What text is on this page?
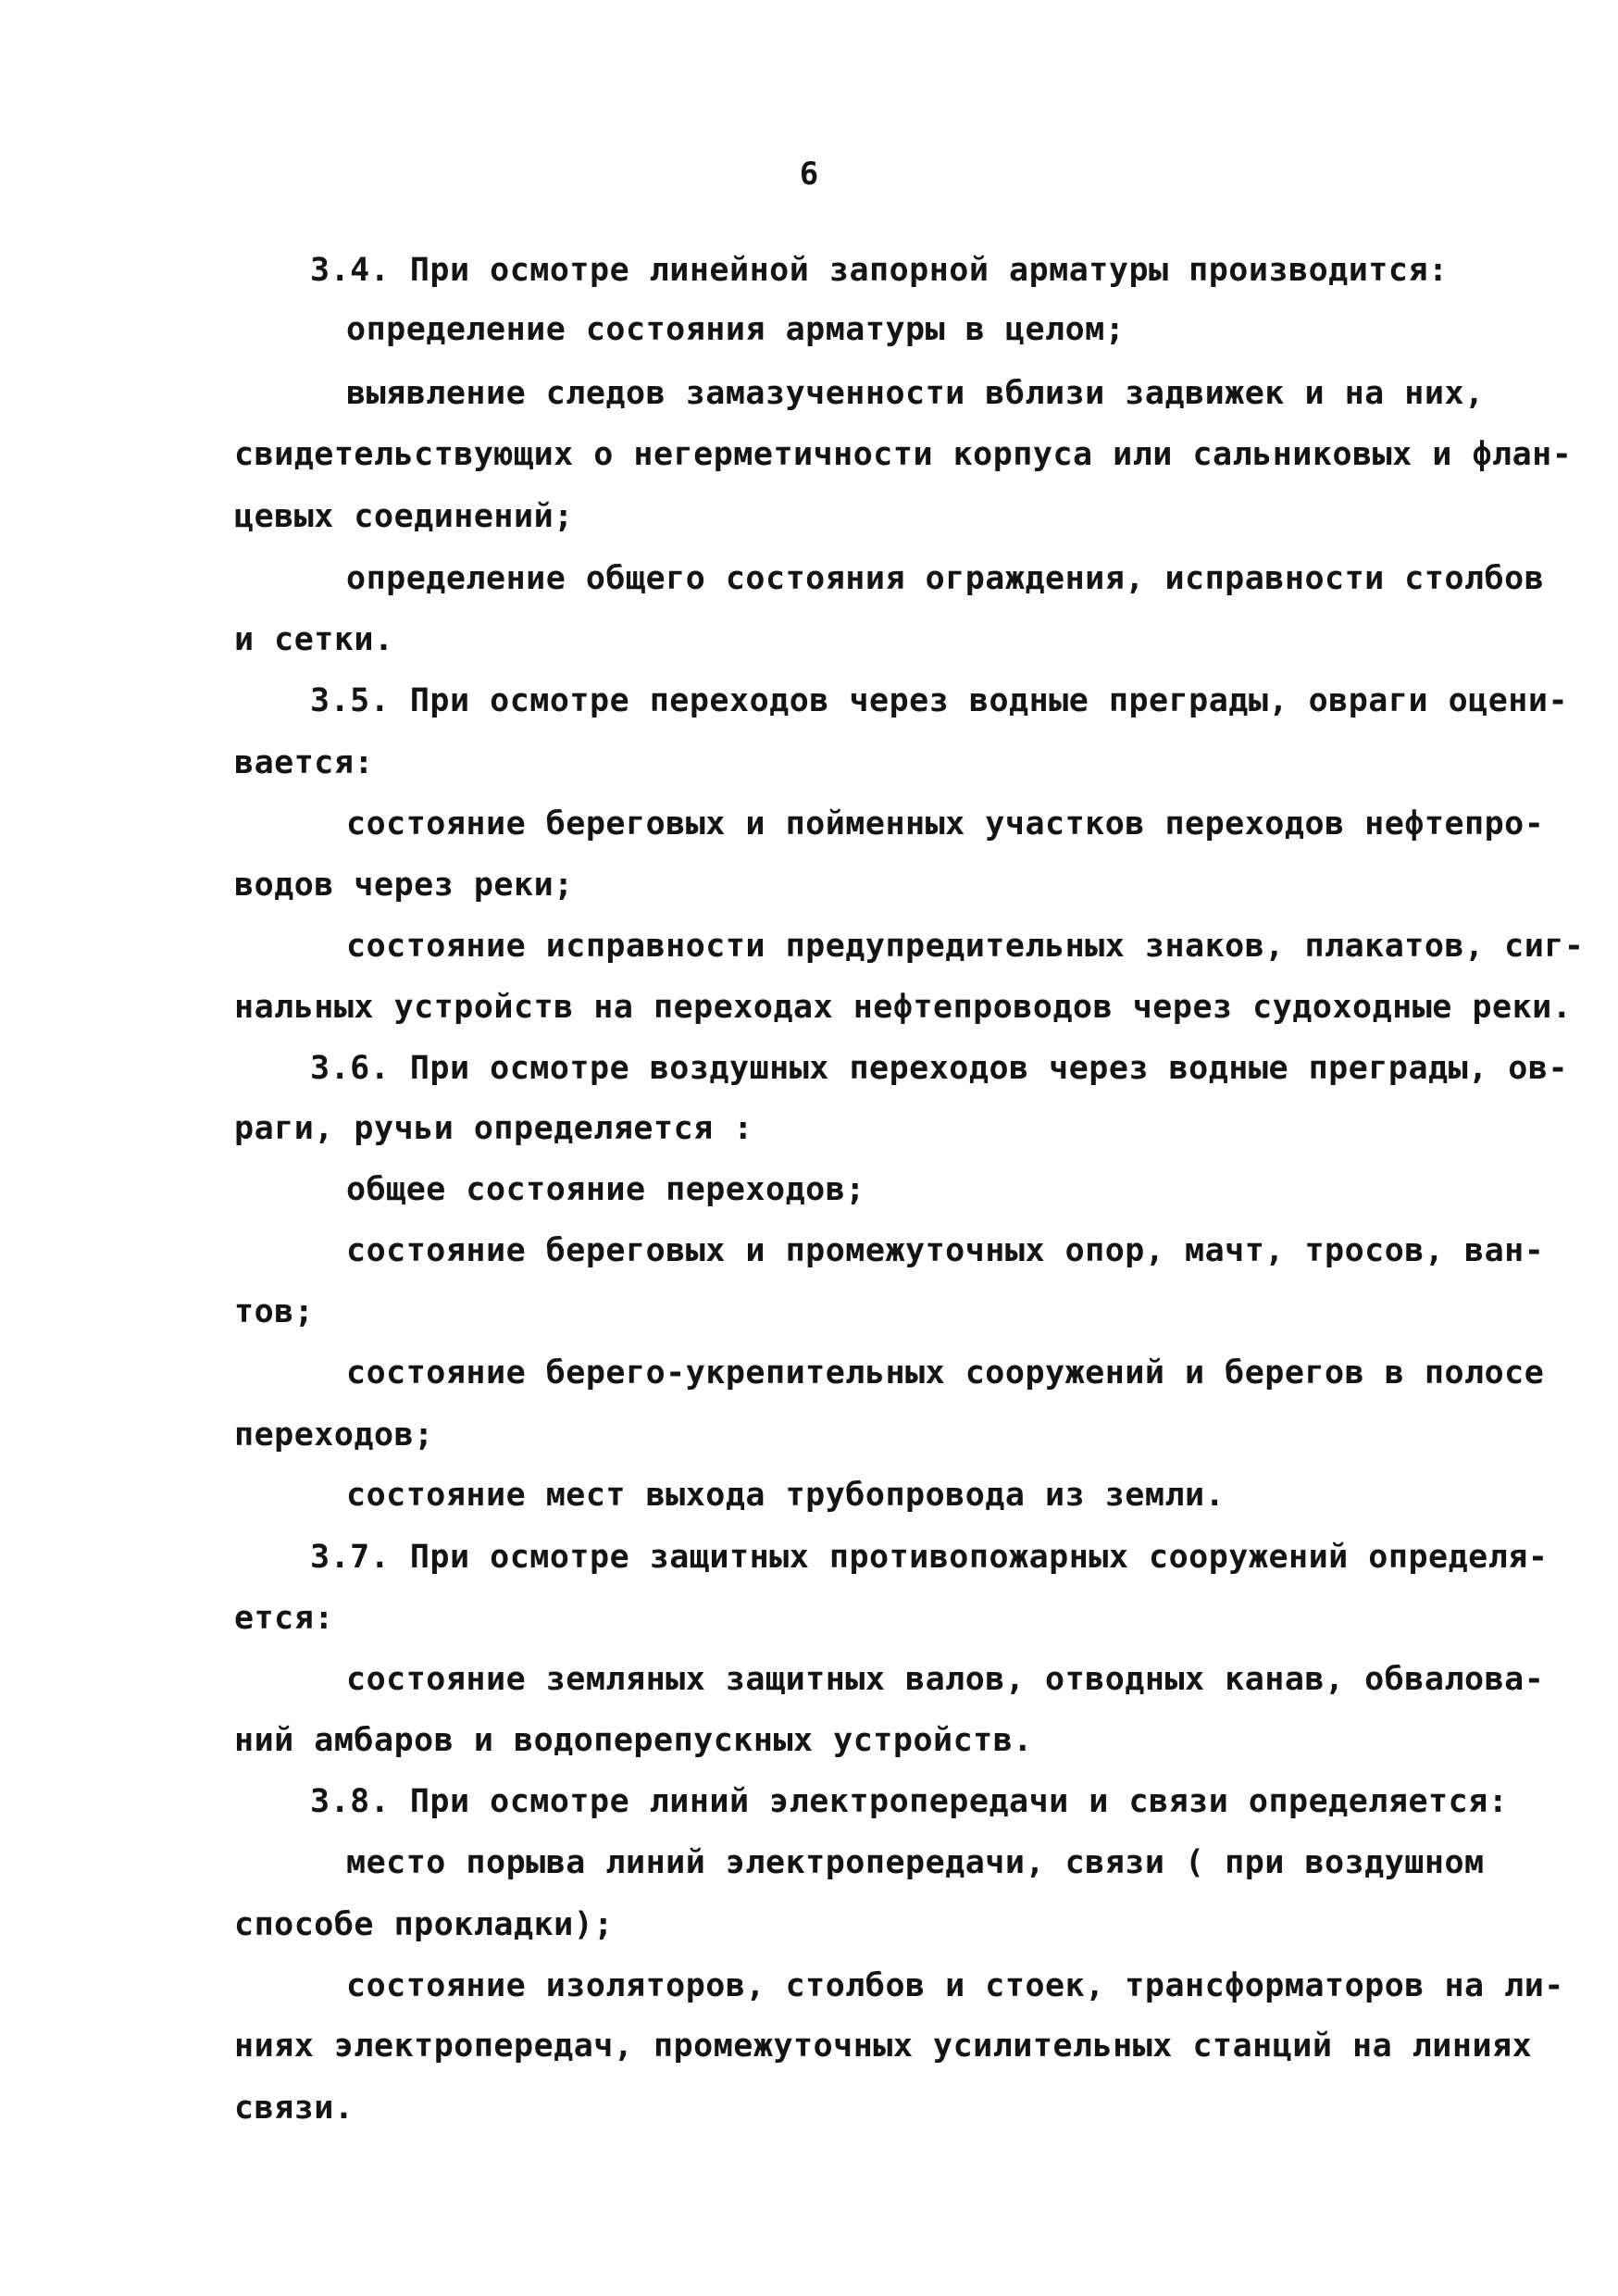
6
3.4. При осмотре линейной запорной арматуры производится:
определение состояния арматуры в целом;
выявление следов замазученности вблизи задвижек и на них,
свидетельствующих о негерметичности корпуса или сальниковых и флан-
цевых соединений;
определение общего состояния ограждения, исправности столбов
и сетки.
3.5. При осмотре переходов через водные преграды, овраги оцени-
вается:
состояние береговых и пойменных участков переходов нефтепро-
водов через реки;
состояние исправности предупредительных знаков, плакатов, сиг-
нальных устройств на переходах нефтепроводов через судоходные реки.
3.6. При осмотре воздушных переходов через водные преграды, ов-
раги, ручьи определяется :
общее состояние переходов;
состояние береговых и промежуточных опор, мачт, тросов, ван-
тов;
состояние берего-укрепительных сооружений и берегов в полосе
переходов;
состояние мест выхода трубопровода из земли.
3.7. При осмотре защитных противопожарных сооружений определя-
ется:
состояние земляных защитных валов, отводных канав, обвалова-
ний амбаров и водоперепускных устройств.
3.8. При осмотре линий электропередачи и связи определяется:
место порыва линий электропередачи, связи ( при воздушном
способе прокладки);
состояние изоляторов, столбов и стоек, трансформаторов на ли-
ниях электропередач, промежуточных усилительных станций на линиях
связи.
